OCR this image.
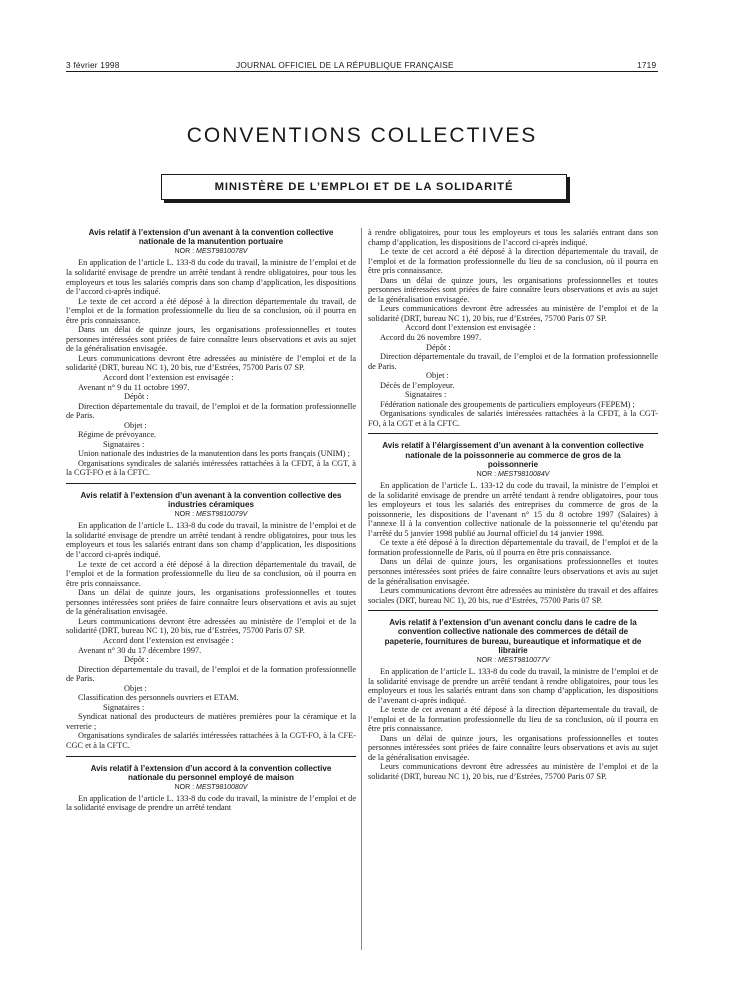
3 février 1998	JOURNAL OFFICIEL DE LA RÉPUBLIQUE FRANÇAISE	1719
CONVENTIONS COLLECTIVES
MINISTÈRE DE L’EMPLOI ET DE LA SOLIDARITÉ
Avis relatif à l’extension d’un avenant à la convention collective nationale de la manutention portuaire
NOR : MEST9810078V

En application de l’article L. 133-8 du code du travail, la ministre de l’emploi et de la solidarité envisage de prendre un arrêté tendant à rendre obligatoires, pour tous les employeurs et tous les salariés compris dans son champ d’application, les dispositions de l’accord ci-après indiqué.

Le texte de cet accord a été déposé à la direction départementale du travail, de l’emploi et de la formation professionnelle du lieu de sa conclusion, où il pourra en être pris connaissance.

Dans un délai de quinze jours, les organisations professionnelles et toutes personnes intéressées sont priées de faire connaître leurs observations et avis au sujet de la généralisation envisagée.

Leurs communications devront être adressées au ministère de l’emploi et de la solidarité (DRT, bureau NC 1), 20 bis, rue d’Estrées, 75700 Paris 07 SP.

Accord dont l’extension est envisagée :

Avenant n° 9 du 11 octobre 1997.

Dépôt :

Direction départementale du travail, de l’emploi et de la formation professionnelle de Paris.

Objet :

Régime de prévoyance.

Signataires :

Union nationale des industries de la manutention dans les ports français (UNIM) ;

Organisations syndicales de salariés intéressées rattachées à la CFDT, à la CGT, à la CGT-FO et à la CFTC.

Avis relatif à l’extension d’un avenant à la convention collective des industries céramiques
NOR : MEST9810079V

En application de l’article L. 133-8 du code du travail, la ministre de l’emploi et de la solidarité envisage de prendre un arrêté tendant à rendre obligatoires, pour tous les employeurs et tous les salariés entrant dans son champ d’application, les dispositions de l’accord ci-après indiqué.

Le texte de cet accord a été déposé à la direction départementale du travail, de l’emploi et de la formation professionnelle du lieu de sa conclusion, où il pourra en être pris connaissance.

Dans un délai de quinze jours, les organisations professionnelles et toutes personnes intéressées sont priées de faire connaître leurs observations et avis au sujet de la généralisation envisagée.

Leurs communications devront être adressées au ministère de l’emploi et de la solidarité (DRT, bureau NC 1), 20 bis, rue d’Estrées, 75700 Paris 07 SP.

Accord dont l’extension est envisagée :

Avenant n° 30 du 17 décembre 1997.

Dépôt :

Direction départementale du travail, de l’emploi et de la formation professionnelle de Paris.

Objet :

Classification des personnels ouvriers et ETAM.

Signataires :

Syndicat national des producteurs de matières premières pour la céramique et la verrerie ;

Organisations syndicales de salariés intéressées rattachées à la CGT-FO, à la CFE-CGC et à la CFTC.

Avis relatif à l’extension d’un accord à la convention collective nationale du personnel employé de maison
NOR : MEST9810080V

En application de l’article L. 133-8 du code du travail, la ministre de l’emploi et de la solidarité envisage de prendre un arrêté tendant

à rendre obligatoires, pour tous les employeurs et tous les salariés entrant dans son champ d’application, les dispositions de l’accord ci-après indiqué.

Le texte de cet accord a été déposé à la direction départementale du travail, de l’emploi et de la formation professionnelle du lieu de sa conclusion, où il pourra en être pris connaissance.

Dans un délai de quinze jours, les organisations professionnelles et toutes personnes intéressées sont priées de faire connaître leurs observations et avis au sujet de la généralisation envisagée.

Leurs communications devront être adressées au ministère de l’emploi et de la solidarité (DRT, bureau NC 1), 20 bis, rue d’Estrées, 75700 Paris 07 SP.

Accord dont l’extension est envisagée :

Accord du 26 novembre 1997.

Dépôt :

Direction départementale du travail, de l’emploi et de la formation professionnelle de Paris.

Objet :

Décès de l’employeur.

Signataires :

Fédération nationale des groupements de particuliers employeurs (FEPEM) ;

Organisations syndicales de salariés intéressées rattachées à la CFDT, à la CGT-FO, à la CGT et à la CFTC.

Avis relatif à l’élargissement d’un avenant à la convention collective nationale de la poissonnerie au commerce de gros de la poissonnerie
NOR : MEST9810084V

En application de l’article L. 133-12 du code du travail, la ministre de l’emploi et de la solidarité envisage de prendre un arrêté tendant à rendre obligatoires, pour tous les employeurs et tous les salariés des entreprises du commerce de gros de la poissonnerie, les dispositions de l’avenant n° 15 du 8 octobre 1997 (Salaires) à l’annexe II à la convention collective nationale de la poissonnerie tel qu’étendu par l’arrêté du 5 janvier 1998 publié au Journal officiel du 14 janvier 1998.

Ce texte a été déposé à la direction départementale du travail, de l’emploi et de la formation professionnelle de Paris, où il pourra en être pris connaissance.

Dans un délai de quinze jours, les organisations professionnelles et toutes personnes intéressées sont priées de faire connaître leurs observations et avis au sujet de la généralisation envisagée.

Leurs communications devront être adressées au ministère du travail et des affaires sociales (DRT, bureau NC 1), 20 bis, rue d’Estrées, 75700 Paris 07 SP.

Avis relatif à l’extension d’un avenant conclu dans le cadre de la convention collective nationale des commerces de détail de papeterie, fournitures de bureau, bureautique et informatique et de librairie
NOR : MEST9810077V

En application de l’article L. 133-8 du code du travail, la ministre de l’emploi et de la solidarité envisage de prendre un arrêté tendant à rendre obligatoires, pour tous les employeurs et tous les salariés entrant dans son champ d’application, les dispositions de l’avenant ci-après indiqué.

Le texte de cet avenant a été déposé à la direction départementale du travail, de l’emploi et de la formation professionnelle du lieu de sa conclusion, où il pourra en être pris connaissance.

Dans un délai de quinze jours, les organisations professionnelles et toutes personnes intéressées sont priées de faire connaître leurs observations et avis au sujet de la généralisation envisagée.

Leurs communications devront être adressées au ministère de l’emploi et de la solidarité (DRT, bureau NC 1), 20 bis, rue d’Estrées, 75700 Paris 07 SP.
